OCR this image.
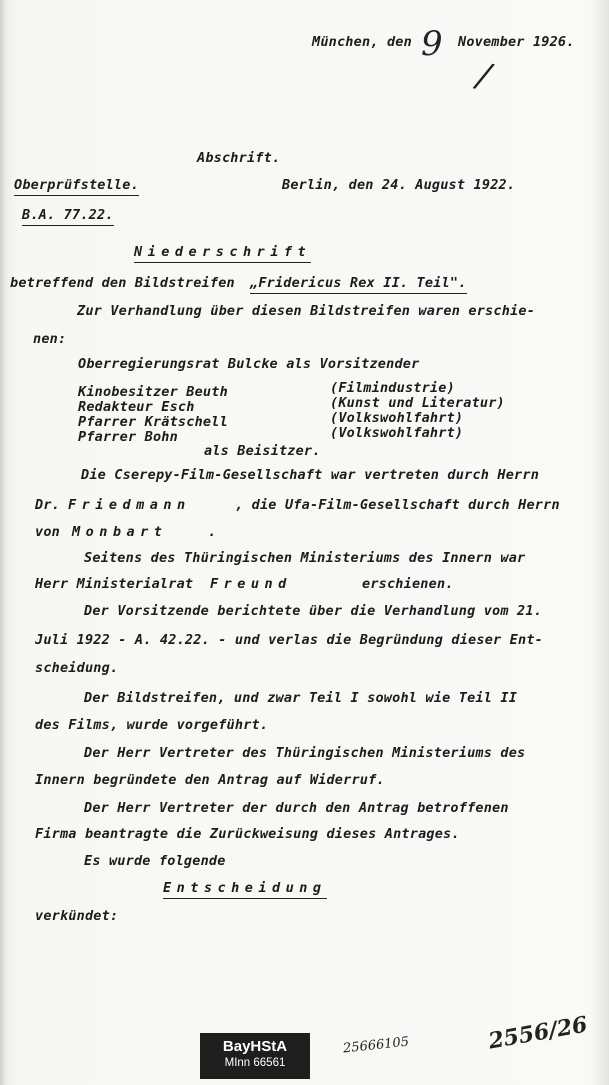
München, den 9 November 1926.
/
Abschrift.
Oberprüfstelle.	Berlin, den 24. August 1922.
B.A. 77.22.
Niederschrift
betreffend den Bildstreifen „Fridericus Rex II. Teil".
Zur Verhandlung über diesen Bildstreifen waren erschie-
nen:
Oberregierungsrat Bulcke als Vorsitzender
Kinobesitzer Beuth	(Filmindustrie)
Redakteur Esch	(Kunst und Literatur)
Pfarrer Krätschell	(Volkswohlfahrt)
Pfarrer Bohn	(Volkswohlfahrt)
als Beisitzer.
Die Cserepy-Film-Gesellschaft war vertreten durch Herrn
Dr. Friedmann	, die Ufa-Film-Gesellschaft durch Herrn
von Monbart	.
Seitens des Thüringischen Ministeriums des Innern war
Herr Ministerialrat Freund	erschienen.
Der Vorsitzende berichtete über die Verhandlung vom 21.
Juli 1922 - A. 42.22. - und verlas die Begründung dieser Ent-
scheidung.
Der Bildstreifen, und zwar Teil I sowohl wie Teil II
des Films, wurde vorgeführt.
Der Herr Vertreter des Thüringischen Ministeriums des
Innern begründete den Antrag auf Widerruf.
Der Herr Vertreter der durch den Antrag betroffenen
Firma beantragte die Zurückweisung dieses Antrages.
Es wurde folgende
Entscheidung
verkündet:
BayHStA
MInn 66561
25666105	2556/26
